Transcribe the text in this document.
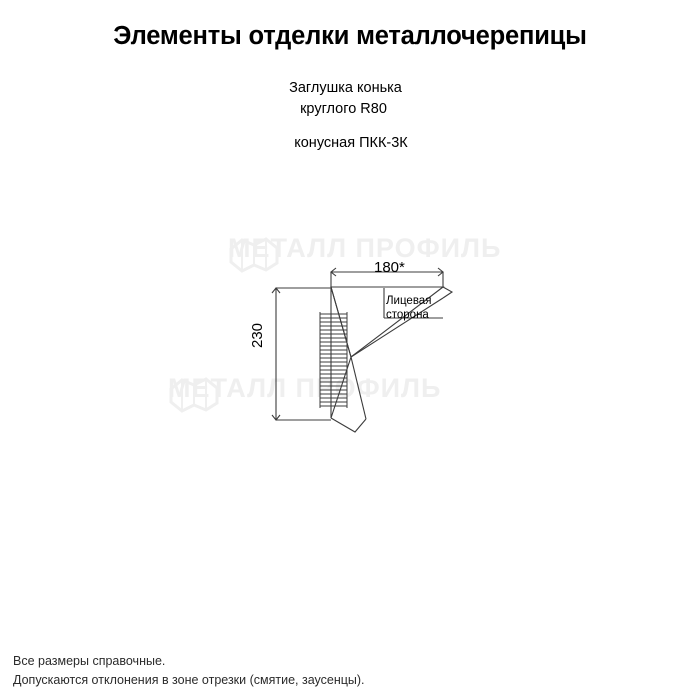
Элементы отделки металлочерепицы
Заглушка конька
круглого R80
конусная ПКК-3К
МЕТАЛЛ ПРОФИЛЬ
МЕТАЛЛ ПРОФИЛЬ
180*
230
Лицевая
сторона
Все размеры справочные.
Допускаются отклонения в зоне отрезки (смятие, заусенцы).
